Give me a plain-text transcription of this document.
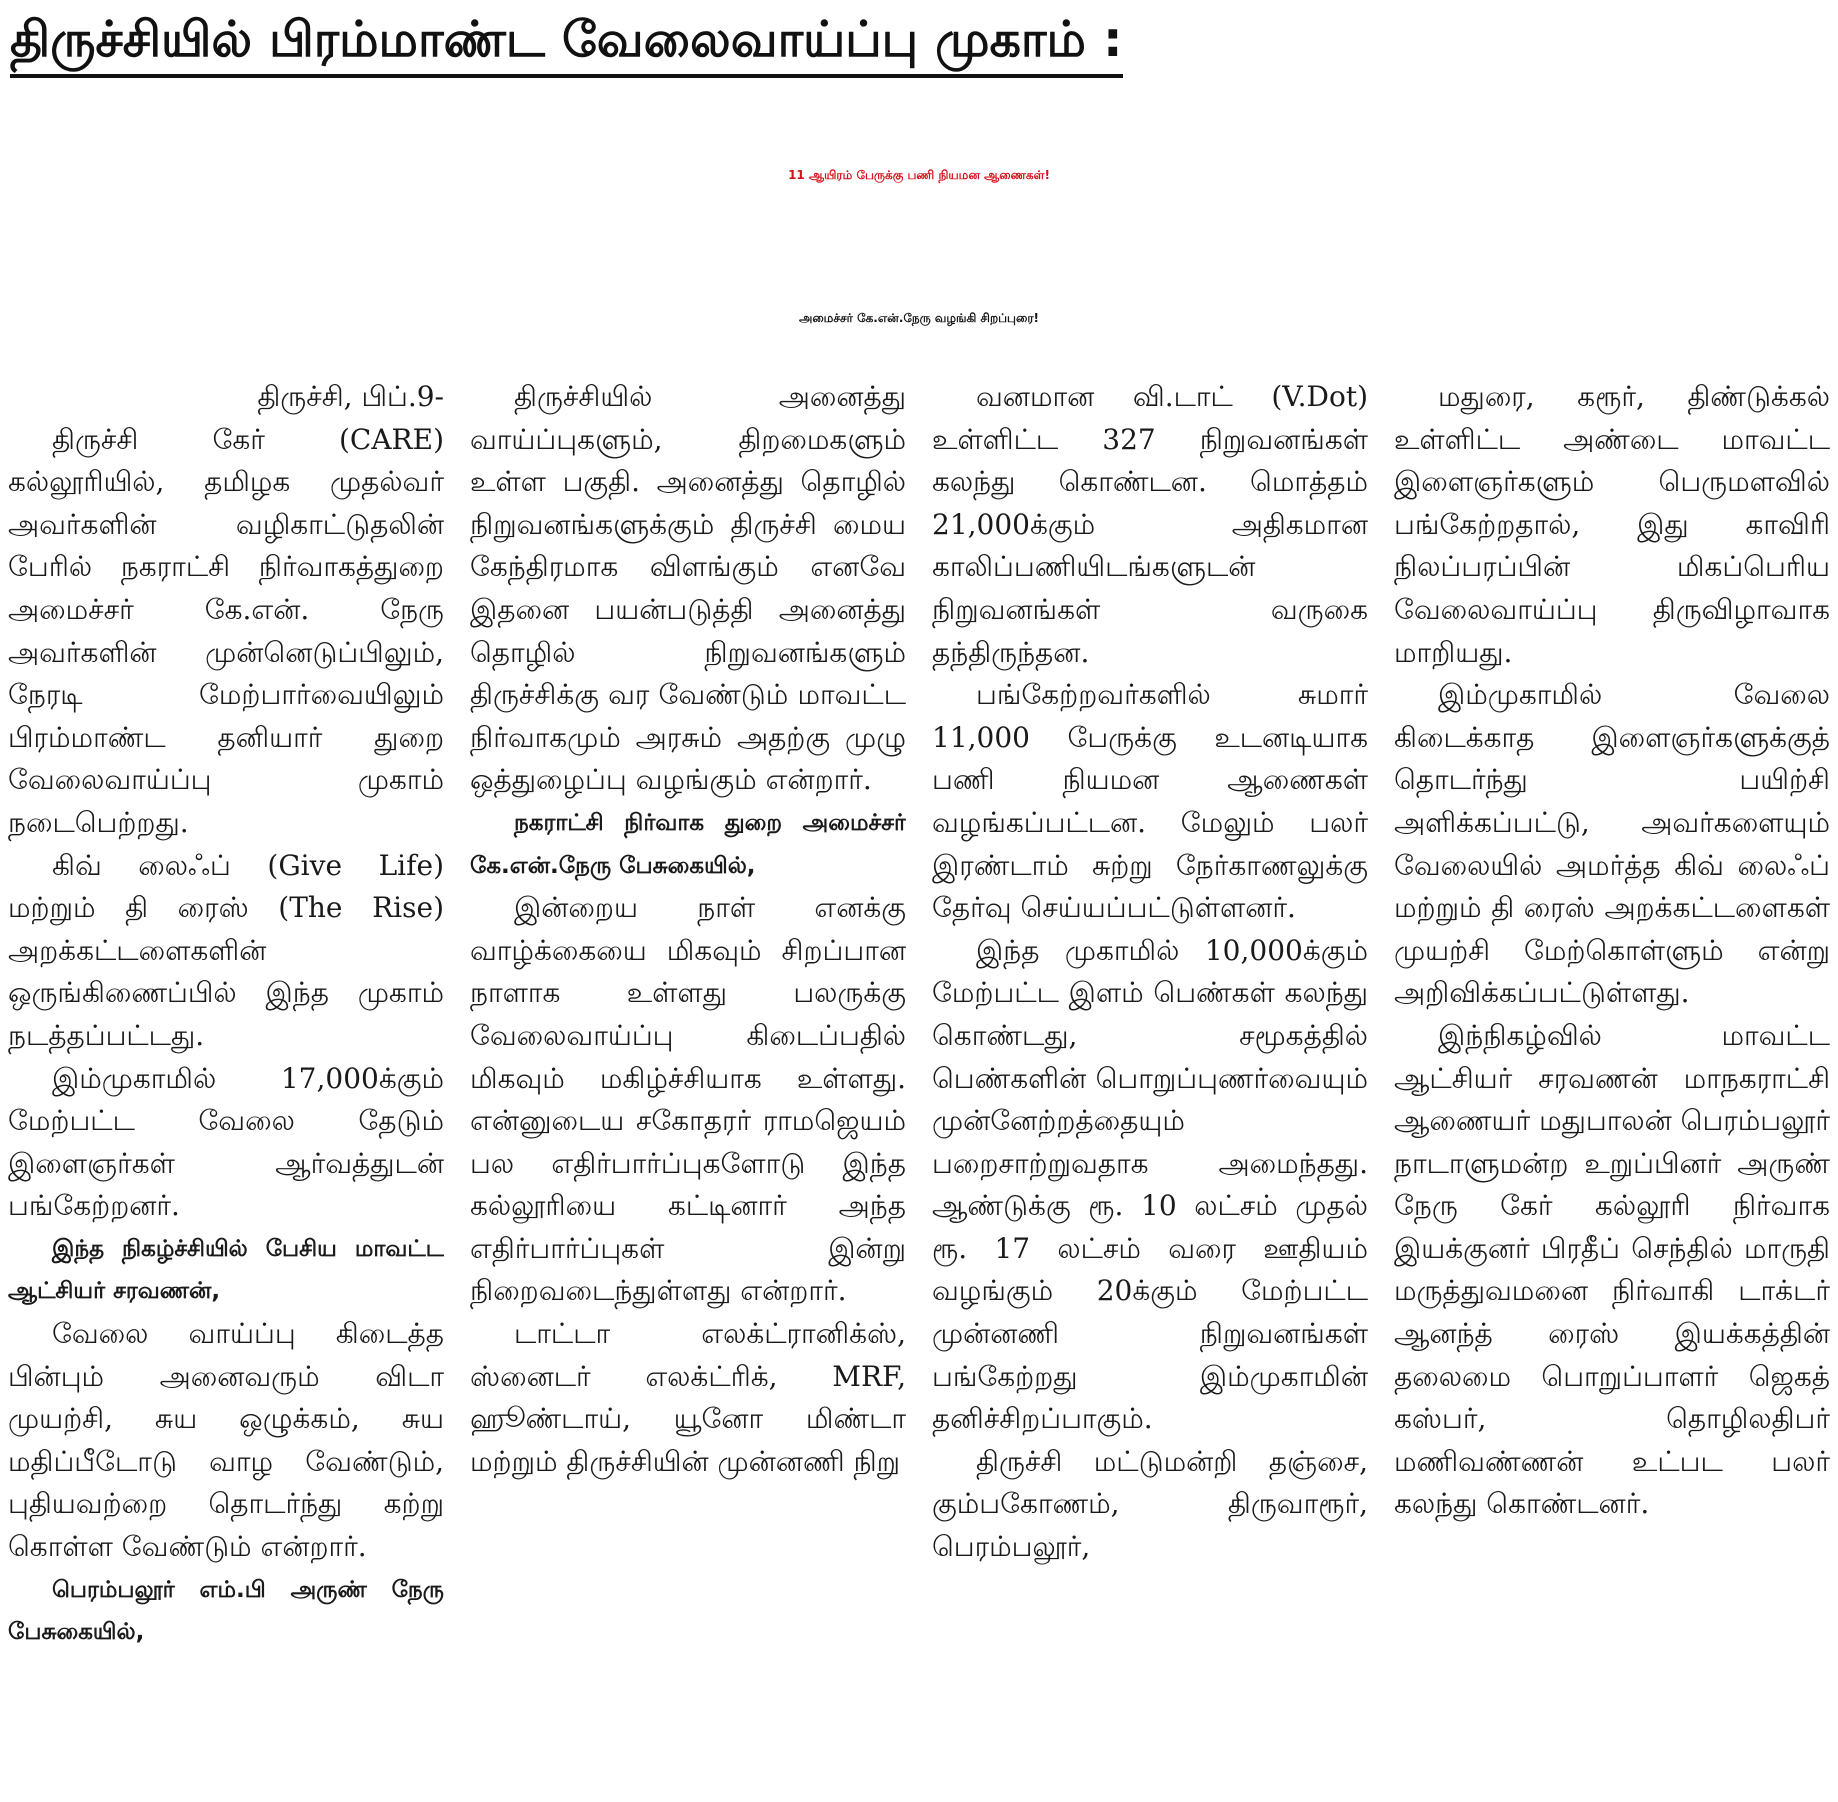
திருச்சியில் பிரம்மாண்ட வேலைவாய்ப்பு முகாம் :
11 ஆயிரம் பேருக்கு பணி நியமன ஆணைகள்!
அமைச்சர் கே.என்.நேரு வழங்கி சிறப்புரை!

திருச்சி, பிப்.9-

திருச்சி கேர் (CARE) கல்லூரியில், தமிழக முதல்வர் அவர்களின் வழிகாட்டுதலின் பேரில் நகராட்சி நிர்வாகத்துறை அமைச்சர் கே.என். நேரு அவர்களின் முன்னெடுப்பிலும், நேரடி மேற்பார்வையிலும் பிரம்மாண்ட தனியார் துறை வேலைவாய்ப்பு முகாம் நடைபெற்றது.

கிவ் லைஃப் (Give Life) மற்றும் தி ரைஸ் (The Rise) அறக்கட்டளைகளின் ஒருங்கிணைப்பில் இந்த முகாம் நடத்தப்பட்டது.

இம்முகாமில் 17,000க்கும் மேற்பட்ட வேலை தேடும் இளைஞர்கள் ஆர்வத்துடன் பங்கேற்றனர்.

இந்த நிகழ்ச்சியில் பேசிய மாவட்ட ஆட்சியர் சரவணன்,

வேலை வாய்ப்பு கிடைத்த பின்பும் அனைவரும் விடா முயற்சி, சுய ஒழுக்கம், சுய மதிப்பீடோடு வாழ வேண்டும், புதியவற்றை தொடர்ந்து கற்று கொள்ள வேண்டும் என்றார்.

பெரம்பலூர் எம்.பி அருண் நேரு பேசுகையில்,

திருச்சியில் அனைத்து வாய்ப்புகளும், திறமைகளும் உள்ள பகுதி. அனைத்து தொழில் நிறுவனங்களுக்கும் திருச்சி மைய கேந்திரமாக விளங்கும் எனவே இதனை பயன்படுத்தி அனைத்து தொழில் நிறுவனங்களும் திருச்சிக்கு வர வேண்டும் மாவட்ட நிர்வாகமும் அரசும் அதற்கு முழு ஒத்துழைப்பு வழங்கும் என்றார்.

நகராட்சி நிர்வாக துறை அமைச்சர் கே.என்.நேரு பேசுகையில்,

இன்றைய நாள் எனக்கு வாழ்க்கையை மிகவும் சிறப்பான நாளாக உள்ளது பலருக்கு வேலைவாய்ப்பு கிடைப்பதில் மிகவும் மகிழ்ச்சியாக உள்ளது. என்னுடைய சகோதரர் ராமஜெயம் பல எதிர்பார்ப்புகளோடு இந்த கல்லூரியை கட்டினார் அந்த எதிர்பார்ப்புகள் இன்று நிறைவடைந்துள்ளது என்றார்.

டாட்டா எலக்ட்ரானிக்ஸ், ஸ்னைடர் எலக்ட்ரிக், MRF, ஹூண்டாய், யூனோ மிண்டா மற்றும் திருச்சியின் முன்னணி நிறு

வனமான வி.டாட் (V.Dot) உள்ளிட்ட 327 நிறுவனங்கள் கலந்து கொண்டன. மொத்தம் 21,000க்கும் அதிகமான காலிப்பணியிடங்களுடன் நிறுவனங்கள் வருகை தந்திருந்தன.

பங்கேற்றவர்களில் சுமார் 11,000 பேருக்கு உடனடியாக பணி நியமன ஆணைகள் வழங்கப்பட்டன. மேலும் பலர் இரண்டாம் சுற்று நேர்காணலுக்கு தேர்வு செய்யப்பட்டுள்ளனர்.

இந்த முகாமில் 10,000க்கும் மேற்பட்ட இளம் பெண்கள் கலந்து கொண்டது, சமூகத்தில் பெண்களின் பொறுப்புணர்வையும் முன்னேற்றத்தையும் பறைசாற்றுவதாக அமைந்தது. ஆண்டுக்கு ரூ. 10 லட்சம் முதல் ரூ. 17 லட்சம் வரை ஊதியம் வழங்கும் 20க்கும் மேற்பட்ட முன்னணி நிறுவனங்கள் பங்கேற்றது இம்முகாமின் தனிச்சிறப்பாகும்.

திருச்சி மட்டுமன்றி தஞ்சை, கும்பகோணம், திருவாரூர், பெரம்பலூர்,

மதுரை, கரூர், திண்டுக்கல் உள்ளிட்ட அண்டை மாவட்ட இளைஞர்களும் பெருமளவில் பங்கேற்றதால், இது காவிரி நிலப்பரப்பின் மிகப்பெரிய வேலைவாய்ப்பு திருவிழாவாக மாறியது.

இம்முகாமில் வேலை கிடைக்காத இளைஞர்களுக்குத் தொடர்ந்து பயிற்சி அளிக்கப்பட்டு, அவர்களையும் வேலையில் அமர்த்த கிவ் லைஃப் மற்றும் தி ரைஸ் அறக்கட்டளைகள் முயற்சி மேற்கொள்ளும் என்று அறிவிக்கப்பட்டுள்ளது.

இந்நிகழ்வில் மாவட்ட ஆட்சியர் சரவணன் மாநகராட்சி ஆணையர் மதுபாலன் பெரம்பலூர் நாடாளுமன்ற உறுப்பினர் அருண் நேரு கேர் கல்லூரி நிர்வாக இயக்குனர் பிரதீப் செந்தில் மாருதி மருத்துவமனை நிர்வாகி டாக்டர் ஆனந்த் ரைஸ் இயக்கத்தின் தலைமை பொறுப்பாளர் ஜெகத் கஸ்பர், தொழிலதிபர் மணிவண்ணன் உட்பட பலர் கலந்து கொண்டனர்.
